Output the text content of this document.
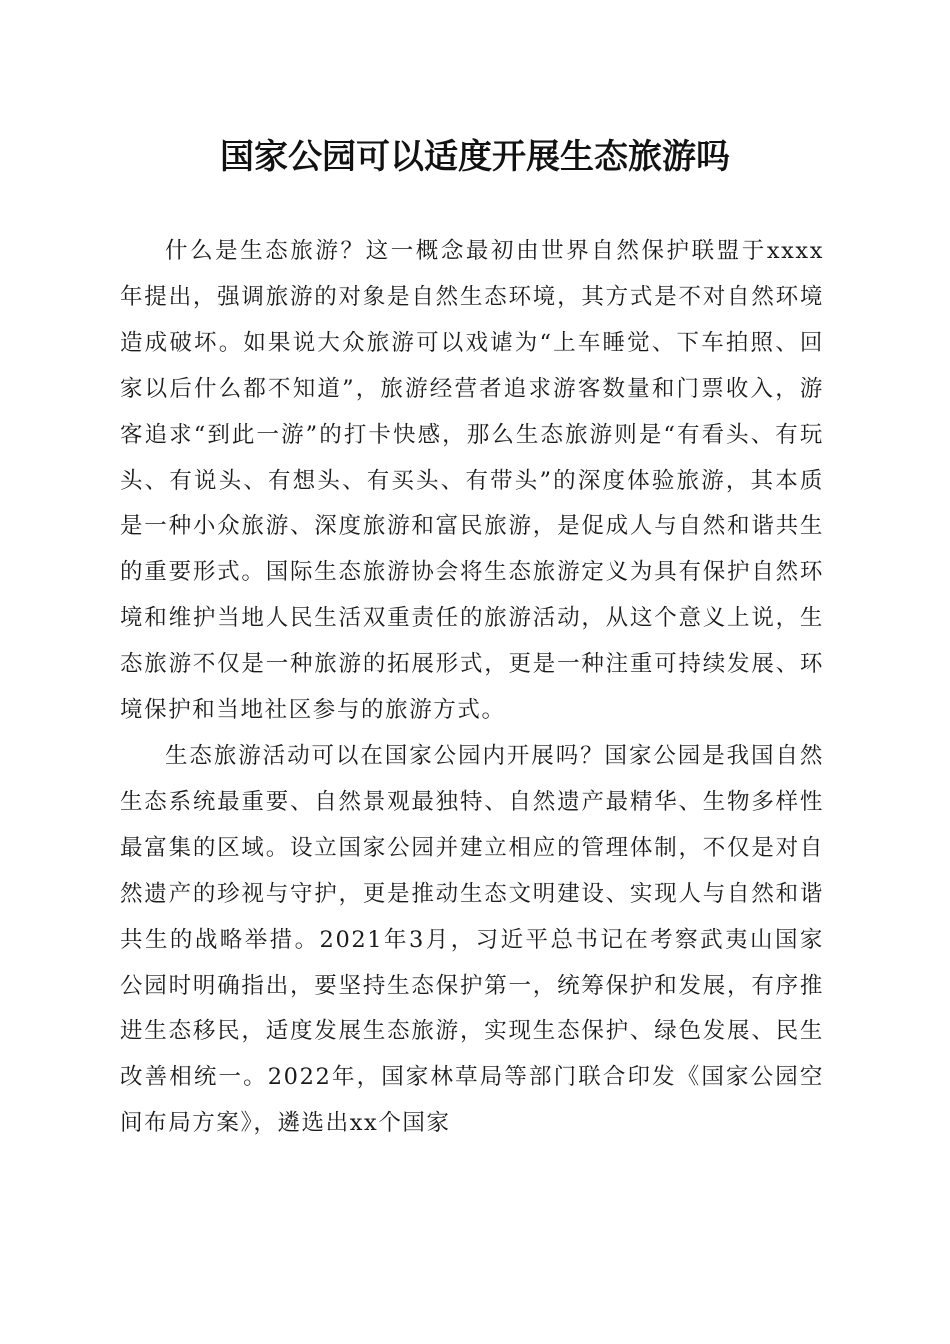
国家公园可以适度开展生态旅游吗

什么是生态旅游？这一概念最初由世界自然保护联盟于xxxx年提出，强调旅游的对象是自然生态环境，其方式是不对自然环境造成破坏。如果说大众旅游可以戏谑为“上车睡觉、下车拍照、回家以后什么都不知道”，旅游经营者追求游客数量和门票收入，游客追求“到此一游”的打卡快感，那么生态旅游则是“有看头、有玩头、有说头、有想头、有买头、有带头”的深度体验旅游，其本质是一种小众旅游、深度旅游和富民旅游，是促成人与自然和谐共生的重要形式。国际生态旅游协会将生态旅游定义为具有保护自然环境和维护当地人民生活双重责任的旅游活动，从这个意义上说，生态旅游不仅是一种旅游的拓展形式，更是一种注重可持续发展、环境保护和当地社区参与的旅游方式。

生态旅游活动可以在国家公园内开展吗？国家公园是我国自然生态系统最重要、自然景观最独特、自然遗产最精华、生物多样性最富集的区域。设立国家公园并建立相应的管理体制，不仅是对自然遗产的珍视与守护，更是推动生态文明建设、实现人与自然和谐共生的战略举措。2021年3月，习近平总书记在考察武夷山国家公园时明确指出，要坚持生态保护第一，统筹保护和发展，有序推进生态移民，适度发展生态旅游，实现生态保护、绿色发展、民生改善相统一。2022年，国家林草局等部门联合印发《国家公园空间布局方案》，遴选出xx个国家
